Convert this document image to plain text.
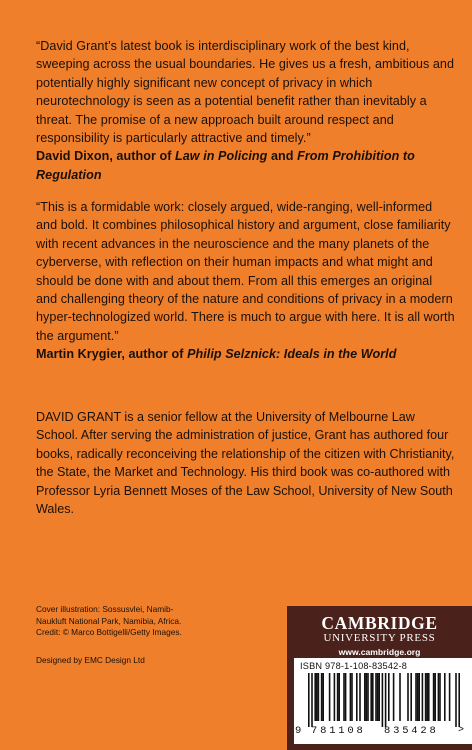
“David Grant’s latest book is interdisciplinary work of the best kind, sweeping across the usual boundaries. He gives us a fresh, ambitious and potentially highly significant new concept of privacy in which neurotechnology is seen as a potential benefit rather than inevitably a threat. The promise of a new approach built around respect and responsibility is particularly attractive and timely.”

David Dixon, author of Law in Policing and From Prohibition to Regulation

“This is a formidable work: closely argued, wide-ranging, well-informed and bold. It combines philosophical history and argument, close familiarity with recent advances in the neuroscience and the many planets of the cyberverse, with reflection on their human impacts and what might and should be done with and about them. From all this emerges an original and challenging theory of the nature and conditions of privacy in a modern hyper-technologized world. There is much to argue with here. It is all worth the argument.”

Martin Krygier, author of Philip Selznick: Ideals in the World

DAVID GRANT is a senior fellow at the University of Melbourne Law School. After serving the administration of justice, Grant has authored four books, radically reconceiving the relationship of the citizen with Christianity, the State, the Market and Technology. His third book was co-authored with Professor Lyria Bennett Moses of the Law School, University of New South Wales.

Cover illustration: Sossusvlei, Namib-
Naukluft National Park, Namibia, Africa.
Credit: © Marco Bottigelli/Getty Images.
Designed by EMC Design Ltd
CAMBRIDGE
UNIVERSITY PRESS
www.cambridge.org
ISBN 978-1-108-83542-8
9 781108 835428 >
